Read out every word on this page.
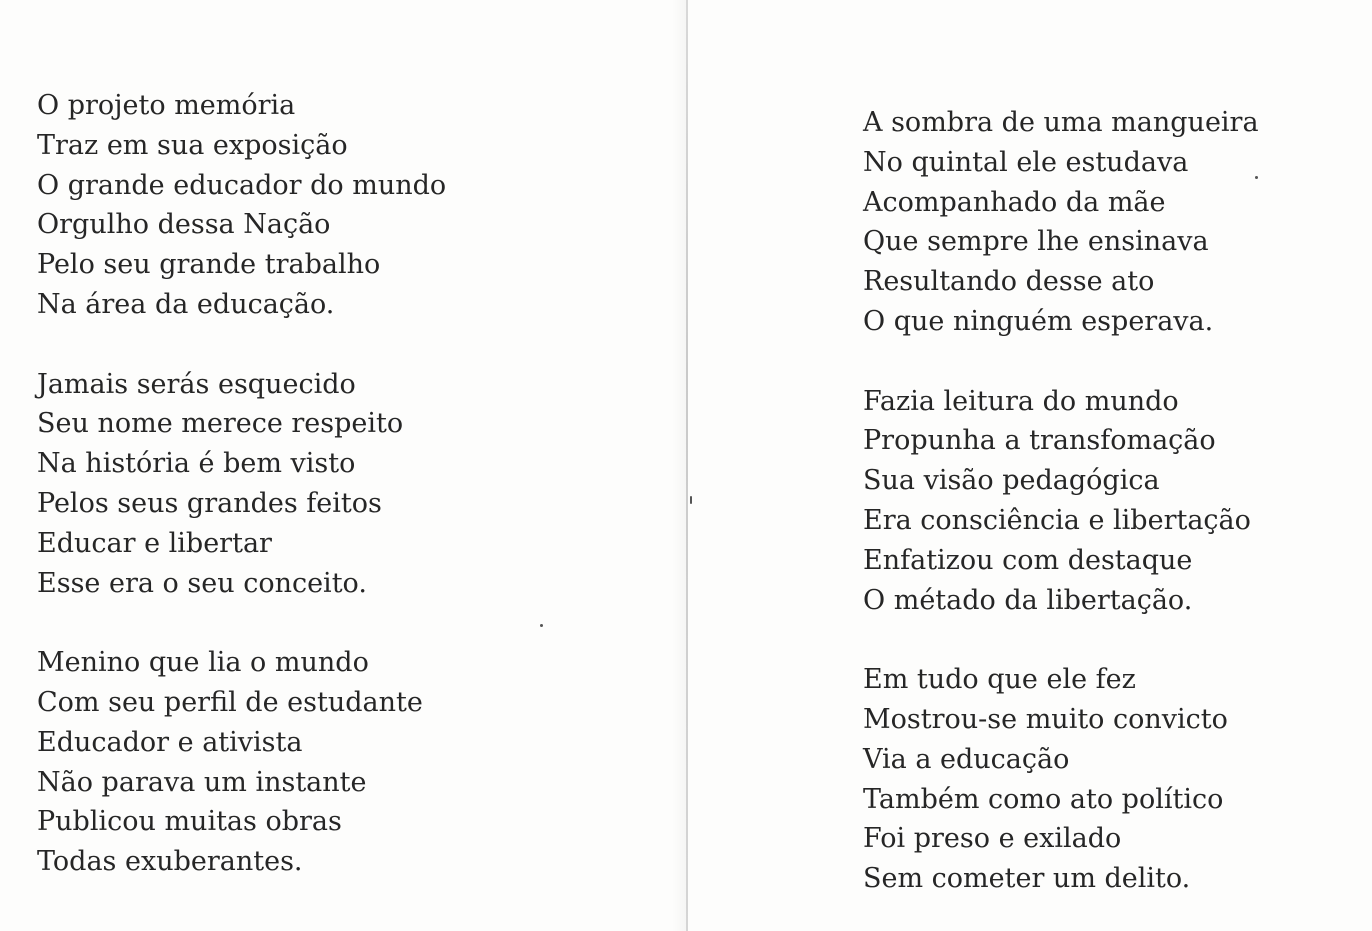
O projeto memória
Traz em sua exposição
O grande educador do mundo
Orgulho dessa Nação
Pelo seu grande trabalho
Na área da educação.
Jamais serás esquecido
Seu nome merece respeito
Na história é bem visto
Pelos seus grandes feitos
Educar e libertar
Esse era o seu conceito.
Menino que lia o mundo
Com seu perfil de estudante
Educador e ativista
Não parava um instante
Publicou muitas obras
Todas exuberantes.
A sombra de uma mangueira
No quintal ele estudava
Acompanhado da mãe
Que sempre lhe ensinava
Resultando desse ato
O que ninguém esperava.
Fazia leitura do mundo
Propunha a transfomação
Sua visão pedagógica
Era consciência e libertação
Enfatizou com destaque
O métado da libertação.
Em tudo que ele fez
Mostrou-se muito convicto
Via a educação
Também como ato político
Foi preso e exilado
Sem cometer um delito.
